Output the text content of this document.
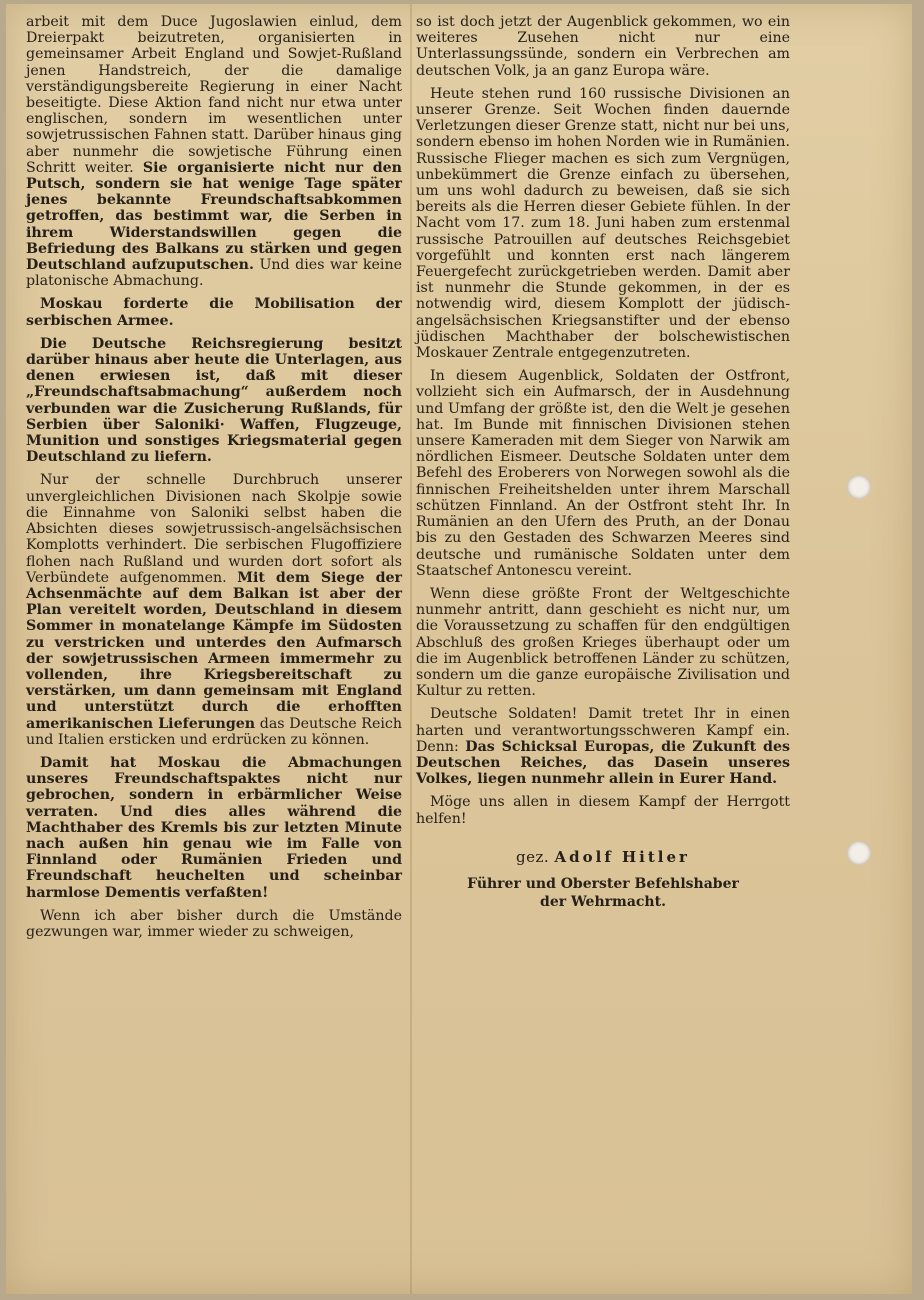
arbeit mit dem Duce Jugoslawien einlud, dem Dreierpakt beizutreten, organisierten in gemeinsamer Arbeit England und Sowjet-Rußland jenen Handstreich, der die damalige verständigungsbereite Regierung in einer Nacht beseitigte. Diese Aktion fand nicht nur etwa unter englischen, sondern im wesentlichen unter sowjetrussischen Fahnen statt. Darüber hinaus ging aber nunmehr die sowjetische Führung einen Schritt weiter. Sie organisierte nicht nur den Putsch, sondern sie hat wenige Tage später jenes bekannte Freundschaftsabkommen getroffen, das bestimmt war, die Serben in ihrem Widerstandswillen gegen die Befriedung des Balkans zu stärken und gegen Deutschland aufzuputschen. Und dies war keine platonische Abmachung.

Moskau forderte die Mobilisation der serbischen Armee.

Die Deutsche Reichsregierung besitzt darüber hinaus aber heute die Unterlagen, aus denen erwiesen ist, daß mit dieser „Freundschaftsabmachung“ außerdem noch verbunden war die Zusicherung Rußlands, für Serbien über Saloniki· Waffen, Flugzeuge, Munition und sonstiges Kriegsmaterial gegen Deutschland zu liefern.

Nur der schnelle Durchbruch unserer unvergleichlichen Divisionen nach Skolpje sowie die Einnahme von Saloniki selbst haben die Absichten dieses sowjetrussisch-angelsächsischen Komplotts verhindert. Die serbischen Flugoffiziere flohen nach Rußland und wurden dort sofort als Verbündete aufgenommen. Mit dem Siege der Achsenmächte auf dem Balkan ist aber der Plan vereitelt worden, Deutschland in diesem Sommer in monatelange Kämpfe im Südosten zu verstricken und unterdes den Aufmarsch der sowjetrussischen Armeen immermehr zu vollenden, ihre Kriegsbereitschaft zu verstärken, um dann gemeinsam mit England und unterstützt durch die erhofften amerikanischen Lieferungen das Deutsche Reich und Italien ersticken und erdrücken zu können.

Damit hat Moskau die Abmachungen unseres Freundschaftspaktes nicht nur gebrochen, sondern in erbärmlicher Weise verraten. Und dies alles während die Machthaber des Kremls bis zur letzten Minute nach außen hin genau wie im Falle von Finnland oder Rumänien Frieden und Freundschaft heuchelten und scheinbar harmlose Dementis verfaßten!

Wenn ich aber bisher durch die Umstände gezwungen war, immer wieder zu schweigen,

so ist doch jetzt der Augenblick gekommen, wo ein weiteres Zusehen nicht nur eine Unterlassungssünde, sondern ein Verbrechen am deutschen Volk, ja an ganz Europa wäre.

Heute stehen rund 160 russische Divisionen an unserer Grenze. Seit Wochen finden dauernde Verletzungen dieser Grenze statt, nicht nur bei uns, sondern ebenso im hohen Norden wie in Rumänien. Russische Flieger machen es sich zum Vergnügen, unbekümmert die Grenze einfach zu übersehen, um uns wohl dadurch zu beweisen, daß sie sich bereits als die Herren dieser Gebiete fühlen. In der Nacht vom 17. zum 18. Juni haben zum erstenmal russische Patrouillen auf deutsches Reichsgebiet vorgefühlt und konnten erst nach längerem Feuergefecht zurückgetrieben werden. Damit aber ist nunmehr die Stunde gekommen, in der es notwendig wird, diesem Komplott der jüdisch-angelsächsischen Kriegsanstifter und der ebenso jüdischen Machthaber der bolschewistischen Moskauer Zentrale entgegenzutreten.

In diesem Augenblick, Soldaten der Ostfront, vollzieht sich ein Aufmarsch, der in Ausdehnung und Umfang der größte ist, den die Welt je gesehen hat. Im Bunde mit finnischen Divisionen stehen unsere Kameraden mit dem Sieger von Narwik am nördlichen Eismeer. Deutsche Soldaten unter dem Befehl des Eroberers von Norwegen sowohl als die finnischen Freiheitshelden unter ihrem Marschall schützen Finnland. An der Ostfront steht Ihr. In Rumänien an den Ufern des Pruth, an der Donau bis zu den Gestaden des Schwarzen Meeres sind deutsche und rumänische Soldaten unter dem Staatschef Antonescu vereint.

Wenn diese größte Front der Weltgeschichte nunmehr antritt, dann geschieht es nicht nur, um die Voraussetzung zu schaffen für den endgültigen Abschluß des großen Krieges überhaupt oder um die im Augenblick betroffenen Länder zu schützen, sondern um die ganze europäische Zivilisation und Kultur zu retten.

Deutsche Soldaten! Damit tretet Ihr in einen harten und verantwortungsschweren Kampf ein. Denn: Das Schicksal Europas, die Zukunft des Deutschen Reiches, das Dasein unseres Volkes, liegen nunmehr allein in Eurer Hand.

Möge uns allen in diesem Kampf der Herrgott helfen!

gez. Adolf Hitler

Führer und Oberster Befehlshaber
der Wehrmacht.
